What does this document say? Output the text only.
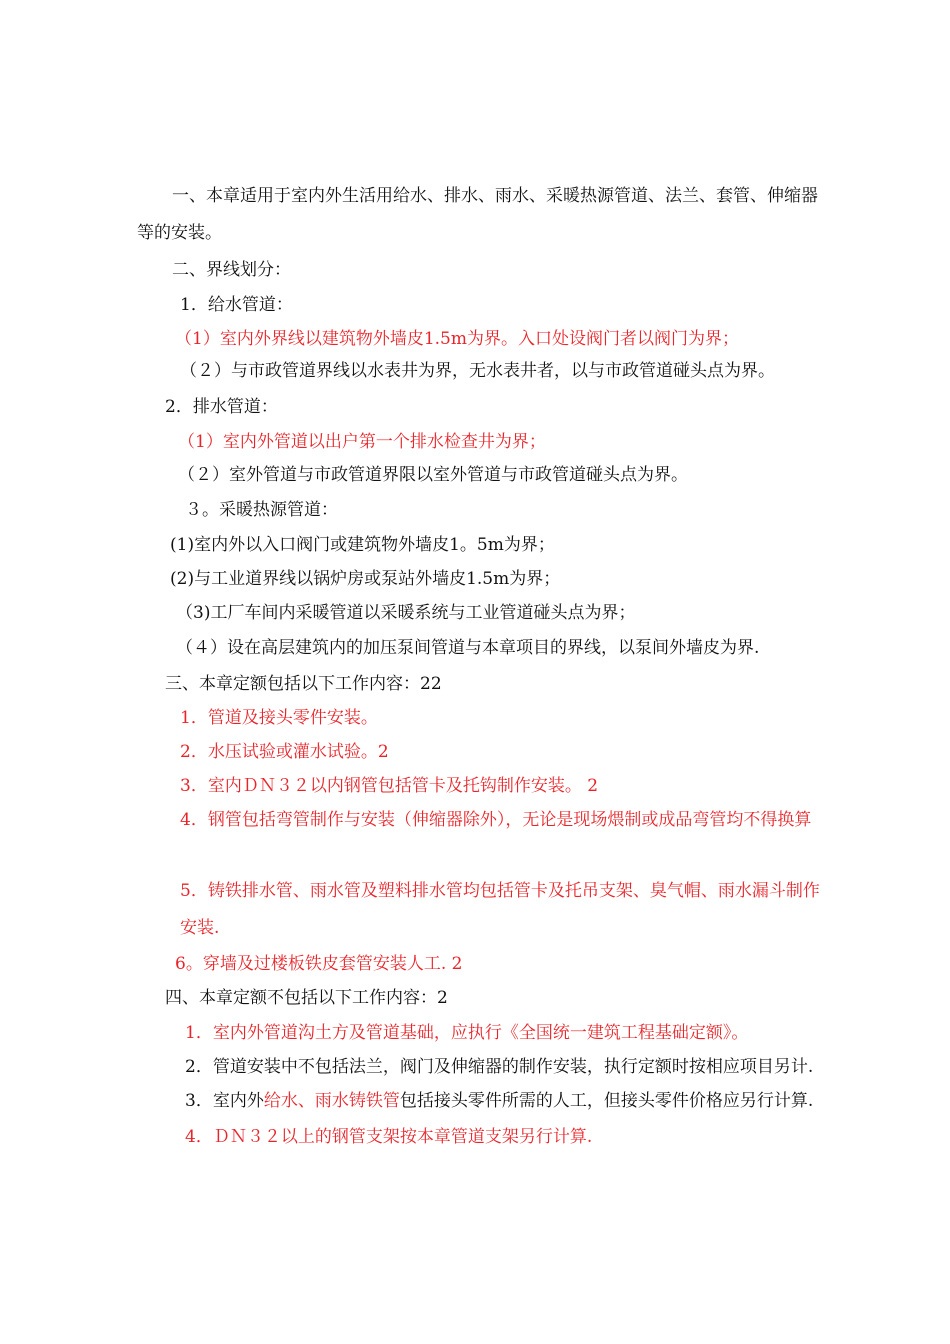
一、本章适用于室内外生活用给水、排水、雨水、采暖热源管道、法兰、套管、伸缩器
等的安装。
二、界线划分：
1．给水管道：
（1）室内外界线以建筑物外墙皮1.5m为界。入口处设阀门者以阀门为界；
（２）与市政管道界线以水表井为界，无水表井者，以与市政管道碰头点为界。
2．排水管道：
（1）室内外管道以出户第一个排水检查井为界；
（２）室外管道与市政管道界限以室外管道与市政管道碰头点为界。
３。采暖热源管道：
(1)室内外以入口阀门或建筑物外墙皮1。5m为界；
(2)与工业道界线以锅炉房或泵站外墙皮1.5m为界；
（3)工厂车间内采暖管道以采暖系统与工业管道碰头点为界；
（４）设在高层建筑内的加压泵间管道与本章项目的界线，以泵间外墙皮为界.
三、本章定额包括以下工作内容：22
1．管道及接头零件安装。
2．水压试验或灌水试验。2
3．室内ＤＮ３２以内钢管包括管卡及托钩制作安装。 2
4．钢管包括弯管制作与安装（伸缩器除外），无论是现场煨制或成品弯管均不得换算
5．铸铁排水管、雨水管及塑料排水管均包括管卡及托吊支架、臭气帽、雨水漏斗制作
安装.
6。穿墙及过楼板铁皮套管安装人工. 2
四、本章定额不包括以下工作内容：2
1．室内外管道沟土方及管道基础，应执行《全国统一建筑工程基础定额》。
2．管道安装中不包括法兰，阀门及伸缩器的制作安装，执行定额时按相应项目另计.
3．室内外给水、雨水铸铁管包括接头零件所需的人工，但接头零件价格应另行计算.
4．ＤＮ３２以上的钢管支架按本章管道支架另行计算.
